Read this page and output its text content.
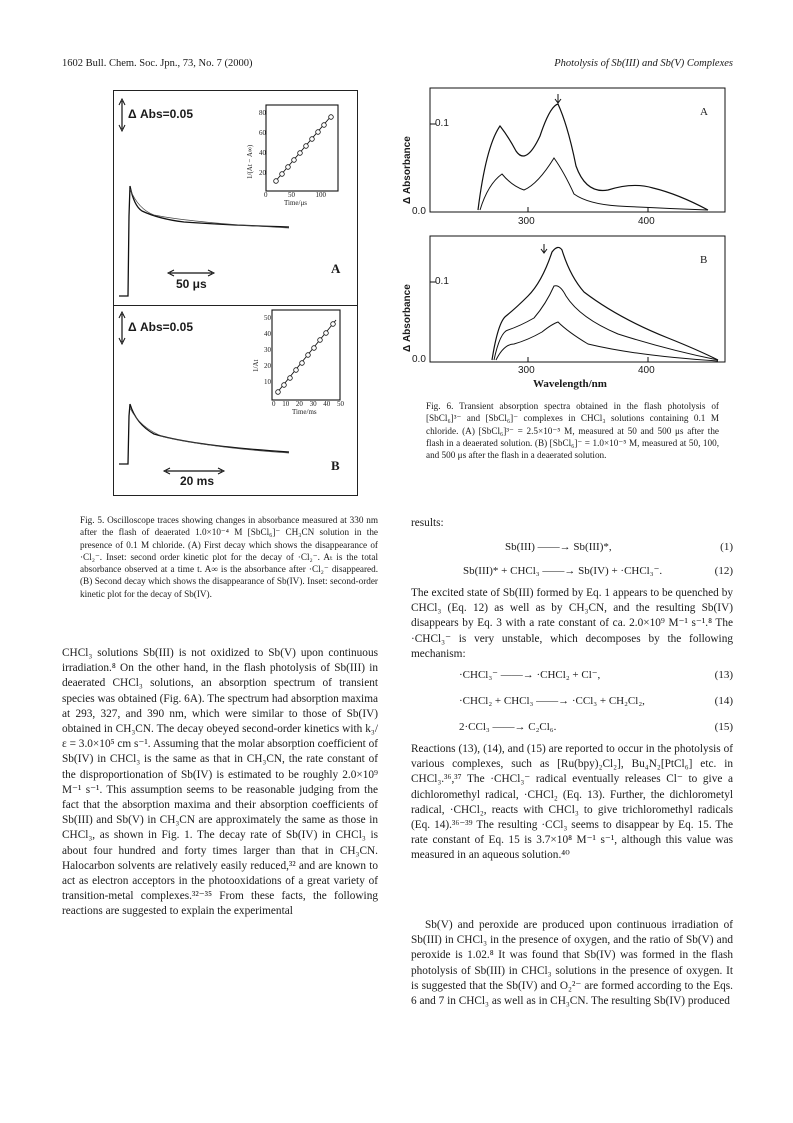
1602 Bull. Chem. Soc. Jpn., 73, No. 7 (2000)	Photolysis of Sb(III) and Sb(V) Complexes
Δ Abs=0.05
50 μs
A
1/(At − A∞)
80
60
40
20
0	50	100
Time/μs
Δ Abs=0.05
20 ms
B
1/At
50
40
30
20
10
0 10 20 30 40 50
Time/ms
Fig. 5. Oscilloscope traces showing changes in absorbance measured at 330 nm after the flash of deaerated 1.0×10⁻⁴ M [SbCl₆]⁻ CH₃CN solution in the presence of 0.1 M chloride. (A) First decay which shows the disappearance of ·Cl₂⁻. Inset: second order kinetic plot for the decay of ·Cl₂⁻. Aₜ is the total absorbance observed at a time t. A∞ is the absorbance after ·Cl₂⁻ disappeared. (B) Second decay which shows the disappearance of Sb(IV). Inset: second-order kinetic plot for the decay of Sb(IV).
Δ Absorbance
0.1
0.0
300	400
A
Δ Absorbance
0.1
0.0
300	400
B
Wavelength/nm
Fig. 6. Transient absorption spectra obtained in the flash photolysis of [SbCl₆]³⁻ and [SbCl₆]⁻ complexes in CHCl₃ solutions containing 0.1 M chloride. (A) [SbCl₆]³⁻ = 2.5×10⁻⁵ M, measured at 50 and 500 μs after the flash in a deaerated solution. (B) [SbCl₆]⁻ = 1.0×10⁻⁵ M, measured at 50, 100, and 500 μs after the flash in a deaerated solution.

CHCl₃ solutions Sb(III) is not oxidized to Sb(V) upon continuous irradiation.⁸ On the other hand, in the flash photolysis of Sb(III) in deaerated CHCl₃ solutions, an absorption spectrum of transient species was obtained (Fig. 6A). The spectrum had absorption maxima at 293, 327, and 390 nm, which were similar to those of Sb(IV) obtained in CH₃CN. The decay obeyed second-order kinetics with k₃/ε = 3.0×10⁵ cm s⁻¹. Assuming that the molar absorption coefficient of Sb(IV) in CHCl₃ is the same as that in CH₃CN, the rate constant of the disproportionation of Sb(IV) is estimated to be roughly 2.0×10⁹ M⁻¹ s⁻¹. This assumption seems to be reasonable judging from the fact that the absorption maxima and their absorption coefficients of Sb(III) and Sb(V) in CH₃CN are approximately the same as those in CHCl₃, as shown in Fig. 1. The decay rate of Sb(IV) in CHCl₃ is about four hundred and forty times larger than that in CH₃CN. Halocarbon solvents are relatively easily reduced,³² and are known to act as electron acceptors in the photooxidations of a great variety of transition-metal complexes.³²⁻³⁵ From these facts, the following reactions are suggested to explain the experimental

results:
Sb(III) ——→ Sb(III)*,	(1)
Sb(III)* + CHCl₃ ——→ Sb(IV) + ·CHCl₃⁻.	(12)

The excited state of Sb(III) formed by Eq. 1 appears to be quenched by CHCl₃ (Eq. 12) as well as by CH₃CN, and the resulting Sb(IV) disappears by Eq. 3 with a rate constant of ca. 2.0×10⁹ M⁻¹ s⁻¹.⁸ The ·CHCl₃⁻ is very unstable, which decomposes by the following mechanism:

·CHCl₃⁻ ——→ ·CHCl₂ + Cl⁻,	(13)
·CHCl₂ + CHCl₃ ——→ ·CCl₃ + CH₂Cl₂,	(14)
2·CCl₃ ——→ C₂Cl₆.	(15)

Reactions (13), (14), and (15) are reported to occur in the photolysis of various complexes, such as [Ru(bpy)₂Cl₂], Bu₄N₂[PtCl₆] etc. in CHCl₃.³⁶,³⁷ The ·CHCl₃⁻ radical eventually releases Cl⁻ to give a dichloromethyl radical, ·CHCl₂ (Eq. 13). Further, the dichlorometyl radical, ·CHCl₂, reacts with CHCl₃ to give trichloromethyl radicals (Eq. 14).³⁶⁻³⁹ The resulting ·CCl₃ seems to disappear by Eq. 15. The rate constant of Eq. 15 is 3.7×10⁸ M⁻¹ s⁻¹, although this value was measured in an aqueous solution.⁴⁰

Sb(V) and peroxide are produced upon continuous irradiation of Sb(III) in CHCl₃ in the presence of oxygen, and the ratio of Sb(V) and peroxide is 1.02.⁸ It was found that Sb(IV) was formed in the flash photolysis of Sb(III) in CHCl₃ solutions in the presence of oxygen. It is suggested that the Sb(IV) and O₂²⁻ are formed according to the Eqs. 6 and 7 in CHCl₃ as well as in CH₃CN. The resulting Sb(IV) produced
